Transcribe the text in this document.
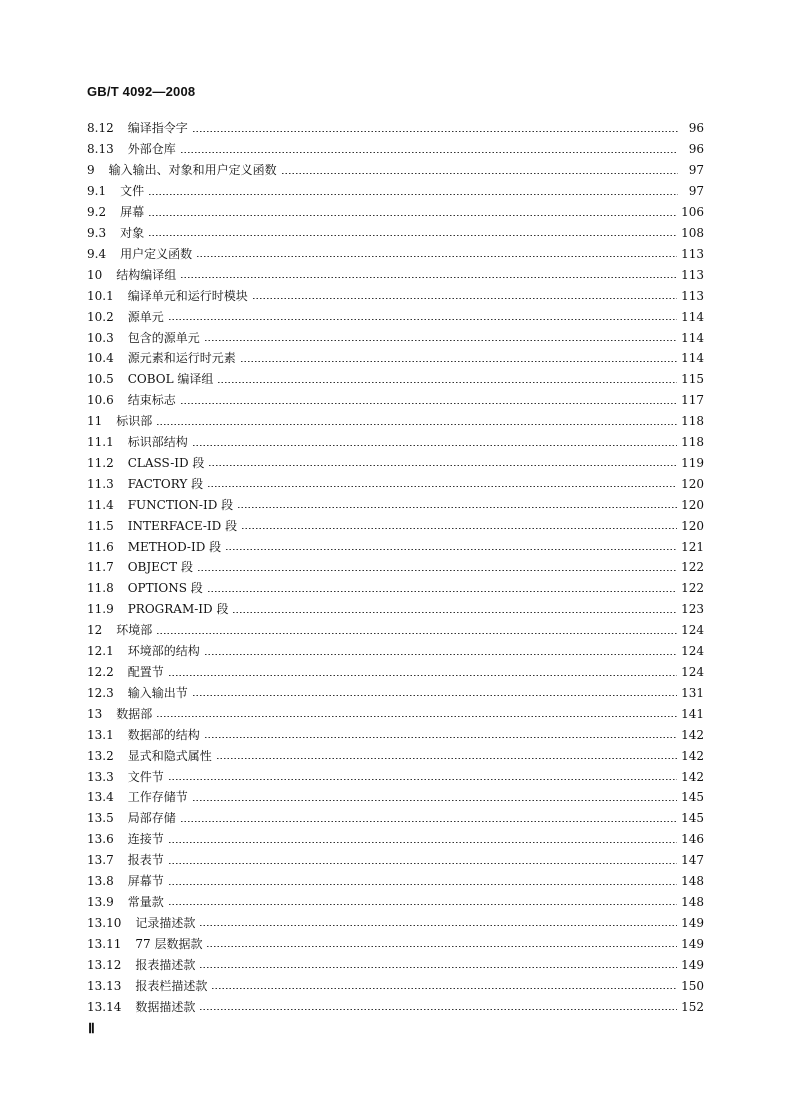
GB/T 4092—2008
8.12 编译指令字	96
8.13 外部仓库	96
9 输入输出、对象和用户定义函数	97
9.1 文件	97
9.2 屏幕	106
9.3 对象	108
9.4 用户定义函数	113
10 结构编译组	113
10.1 编译单元和运行时模块	113
10.2 源单元	114
10.3 包含的源单元	114
10.4 源元素和运行时元素	114
10.5 COBOL 编译组	115
10.6 结束标志	117
11 标识部	118
11.1 标识部结构	118
11.2 CLASS-ID 段	119
11.3 FACTORY 段	120
11.4 FUNCTION-ID 段	120
11.5 INTERFACE-ID 段	120
11.6 METHOD-ID 段	121
11.7 OBJECT 段	122
11.8 OPTIONS 段	122
11.9 PROGRAM-ID 段	123
12 环境部	124
12.1 环境部的结构	124
12.2 配置节	124
12.3 输入输出节	131
13 数据部	141
13.1 数据部的结构	142
13.2 显式和隐式属性	142
13.3 文件节	142
13.4 工作存储节	145
13.5 局部存储	145
13.6 连接节	146
13.7 报表节	147
13.8 屏幕节	148
13.9 常量款	148
13.10 记录描述款	149
13.11 77 层数据款	149
13.12 报表描述款	149
13.13 报表栏描述款	150
13.14 数据描述款	152
Ⅱ
